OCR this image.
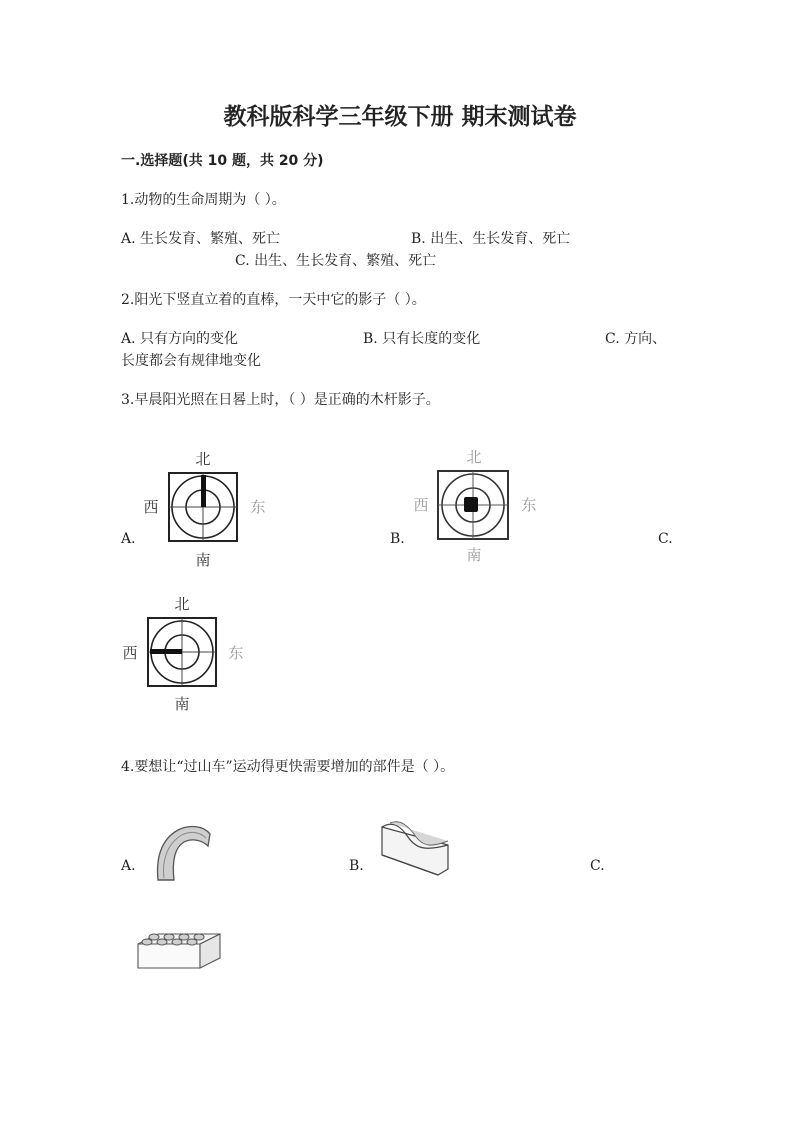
教科版科学三年级下册 期末测试卷
一.选择题(共 10 题，共 20 分)
1.动物的生命周期为（ ）。
A. 生长发育、繁殖、死亡	B. 出生、生长发育、死亡
C. 出生、生长发育、繁殖、死亡
2.阳光下竖直立着的直棒，一天中它的影子（ ）。
A. 只有方向的变化	B. 只有长度的变化	C. 方向、
长度都会有规律地变化
3.早晨阳光照在日晷上时，（ ）是正确的木杆影子。
A.	B.	C.
北
西	东
南
北
西	东
南
北
西	东
南
4.要想让“过山车”运动得更快需要增加的部件是（ ）。
A.	B.	C.
